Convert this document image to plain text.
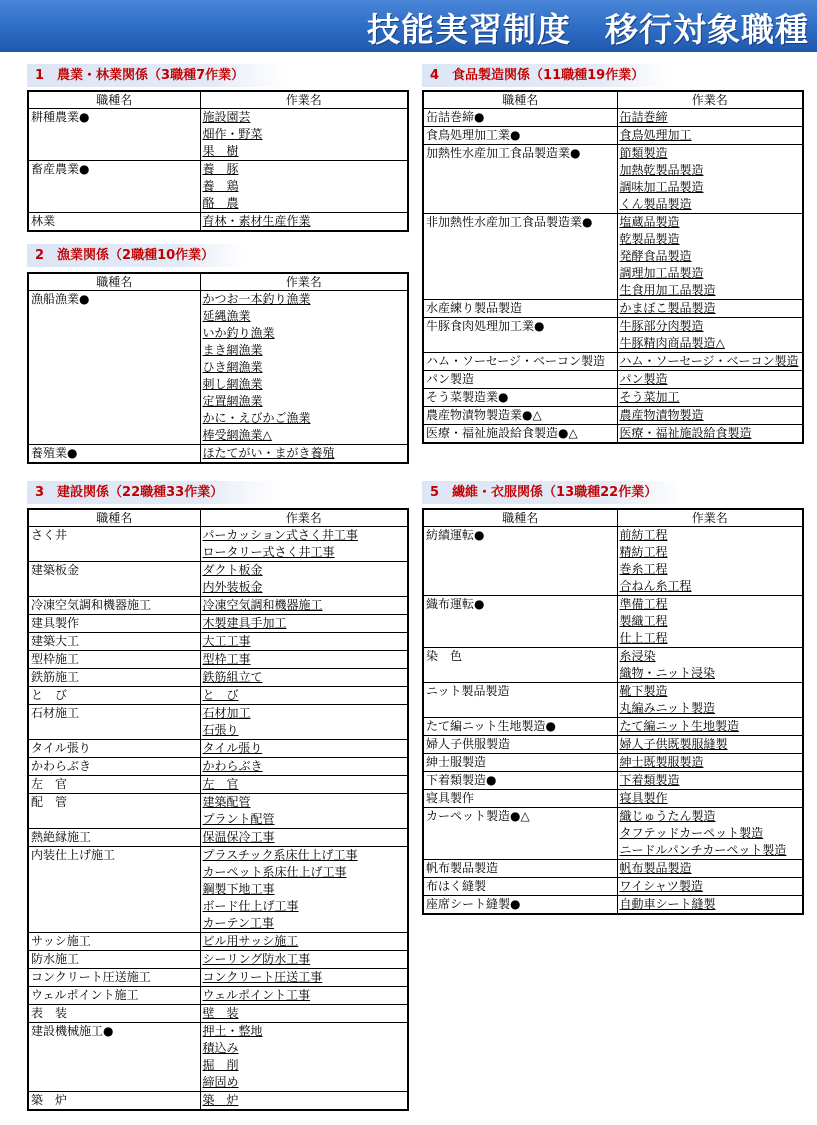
技能実習制度　移行対象職種
1　農業・林業関係（3職種7作業）
職種名	作業名
耕種農業●	施設園芸
	畑作・野菜
	果　樹
畜産農業●	養　豚
	養　鶏
	酪　農
林業	育林・素材生産作業
2　漁業関係（2職種10作業）
職種名	作業名
漁船漁業●	かつお一本釣り漁業
	延縄漁業
	いか釣り漁業
	まき網漁業
	ひき網漁業
	刺し網漁業
	定置網漁業
	かに・えびかご漁業
	棒受網漁業△
養殖業●	ほたてがい・まがき養殖
3　建設関係（22職種33作業）
職種名	作業名
さく井	パーカッション式さく井工事
	ロータリー式さく井工事
建築板金	ダクト板金
	内外装板金
冷凍空気調和機器施工	冷凍空気調和機器施工
建具製作	木製建具手加工
建築大工	大工工事
型枠施工	型枠工事
鉄筋施工	鉄筋組立て
と　び	と　び
石材施工	石材加工
	石張り
タイル張り	タイル張り
かわらぶき	かわらぶき
左　官	左　官
配　管	建築配管
	プラント配管
熱絶縁施工	保温保冷工事
内装仕上げ施工	プラスチック系床仕上げ工事
	カーペット系床仕上げ工事
	鋼製下地工事
	ボード仕上げ工事
	カーテン工事
サッシ施工	ビル用サッシ施工
防水施工	シーリング防水工事
コンクリート圧送施工	コンクリート圧送工事
ウェルポイント施工	ウェルポイント工事
表　装	壁　装
建設機械施工●	押土・整地
	積込み
	掘　削
	締固め
築　炉	築　炉
4　食品製造関係（11職種19作業）
職種名	作業名
缶詰巻締●	缶詰巻締
食鳥処理加工業●	食鳥処理加工
加熱性水産加工食品製造業●	節類製造
	加熱乾製品製造
	調味加工品製造
	くん製品製造
非加熱性水産加工食品製造業●	塩蔵品製造
	乾製品製造
	発酵食品製造
	調理加工品製造
	生食用加工品製造
水産練り製品製造	かまぼこ製品製造
牛豚食肉処理加工業●	牛豚部分肉製造
	牛豚精肉商品製造△
ハム・ソーセージ・ベーコン製造	ハム・ソーセージ・ベーコン製造
パン製造	パン製造
そう菜製造業●	そう菜加工
農産物漬物製造業●△	農産物漬物製造
医療・福祉施設給食製造●△	医療・福祉施設給食製造
5　繊維・衣服関係（13職種22作業）
職種名	作業名
紡績運転●	前紡工程
	精紡工程
	巻糸工程
	合ねん糸工程
織布運転●	準備工程
	製織工程
	仕上工程
染　色	糸浸染
	織物・ニット浸染
ニット製品製造	靴下製造
	丸編みニット製造
たて編ニット生地製造●	たて編ニット生地製造
婦人子供服製造	婦人子供既製服縫製
紳士服製造	紳士既製服製造
下着類製造●	下着類製造
寝具製作	寝具製作
カーペット製造●△	織じゅうたん製造
	タフテッドカーペット製造
	ニードルパンチカーペット製造
帆布製品製造	帆布製品製造
布はく縫製	ワイシャツ製造
座席シート縫製●	自動車シート縫製
